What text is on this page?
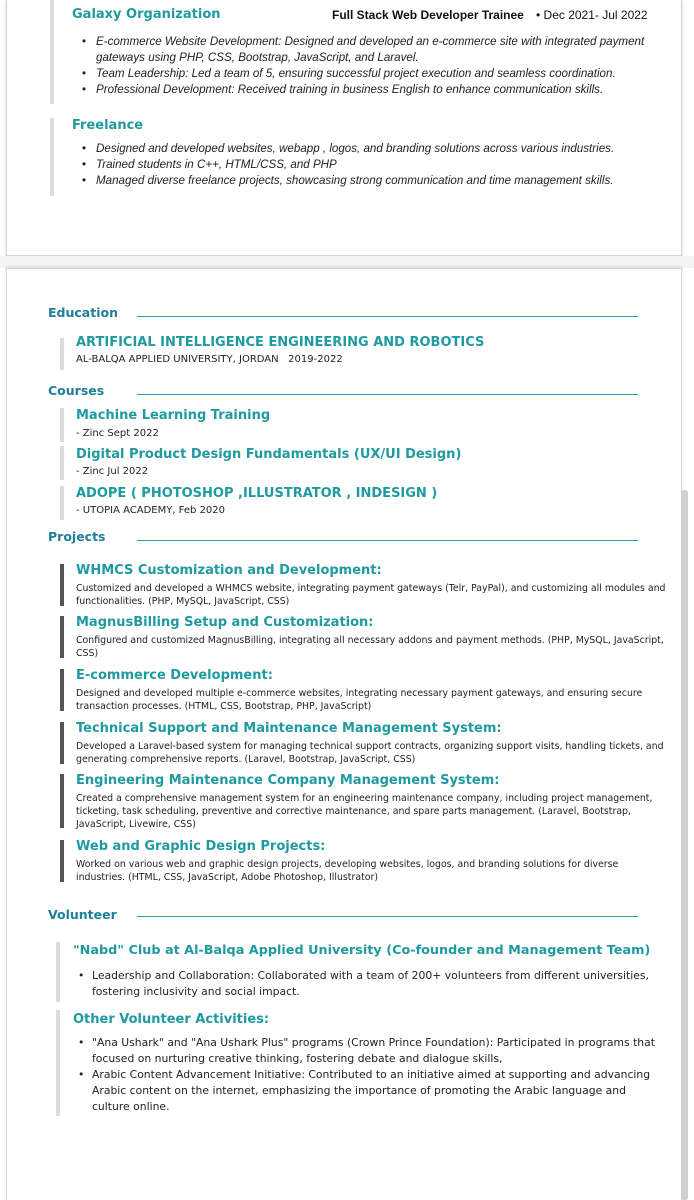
Galaxy Organization	Full Stack Web Developer Trainee • Dec 2021- Jul 2022
• E-commerce Website Development: Designed and developed an e-commerce site with integrated payment gateways using PHP, CSS, Bootstrap, JavaScript, and Laravel.
• Team Leadership: Led a team of 5, ensuring successful project execution and seamless coordination.
• Professional Development: Received training in business English to enhance communication skills.
Freelance
• Designed and developed websites, webapp , logos, and branding solutions across various industries.
• Trained students in C++, HTML/CSS, and PHP
• Managed diverse freelance projects, showcasing strong communication and time management skills.
Education
ARTIFICIAL INTELLIGENCE ENGINEERING AND ROBOTICS
AL-BALQA APPLIED UNIVERSITY, JORDAN 2019-2022
Courses
Machine Learning Training
- Zinc Sept 2022
Digital Product Design Fundamentals (UX/UI Design)
- Zinc Jul 2022
ADOPE ( PHOTOSHOP ,ILLUSTRATOR , INDESIGN )
- UTOPIA ACADEMY, Feb 2020
Projects
WHMCS Customization and Development:
Customized and developed a WHMCS website, integrating payment gateways (Telr, PayPal), and customizing all modules and functionalities. (PHP, MySQL, JavaScript, CSS)
MagnusBilling Setup and Customization:
Configured and customized MagnusBilling, integrating all necessary addons and payment methods. (PHP, MySQL, JavaScript, CSS)
E-commerce Development:
Designed and developed multiple e-commerce websites, integrating necessary payment gateways, and ensuring secure transaction processes. (HTML, CSS, Bootstrap, PHP, JavaScript)
Technical Support and Maintenance Management System:
Developed a Laravel-based system for managing technical support contracts, organizing support visits, handling tickets, and generating comprehensive reports. (Laravel, Bootstrap, JavaScript, CSS)
Engineering Maintenance Company Management System:
Created a comprehensive management system for an engineering maintenance company, including project management, ticketing, task scheduling, preventive and corrective maintenance, and spare parts management. (Laravel, Bootstrap, JavaScript, Livewire, CSS)
Web and Graphic Design Projects:
Worked on various web and graphic design projects, developing websites, logos, and branding solutions for diverse industries. (HTML, CSS, JavaScript, Adobe Photoshop, Illustrator)
Volunteer
"Nabd" Club at Al-Balqa Applied University (Co-founder and Management Team)
• Leadership and Collaboration: Collaborated with a team of 200+ volunteers from different universities, fostering inclusivity and social impact.
Other Volunteer Activities:
• "Ana Ushark" and "Ana Ushark Plus" programs (Crown Prince Foundation): Participated in programs that focused on nurturing creative thinking, fostering debate and dialogue skills,
• Arabic Content Advancement Initiative: Contributed to an initiative aimed at supporting and advancing Arabic content on the internet, emphasizing the importance of promoting the Arabic language and culture online.
